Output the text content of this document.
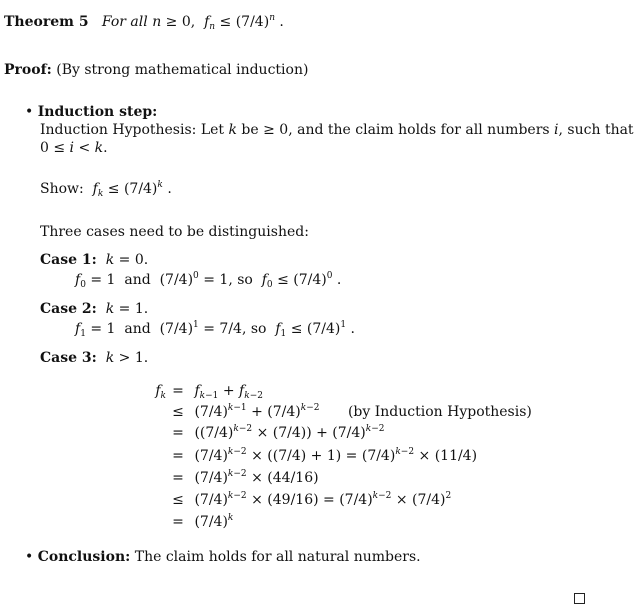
Theorem 5   For all n ≥ 0,  $f_n \le (7/4)^n$ .
Proof: (By strong mathematical induction)
• Induction step:
Induction Hypothesis: Let k be ≥ 0, and the claim holds for all numbers i, such that
0 ≤ i < k.
Show: $f_k \le (7/4)^k$ .
Three cases need to be distinguished:
Case 1: k = 0.
$f_0 = 1$  and  $(7/4)^0 = 1$, so  $f_0 \le (7/4)^0$ .
Case 2: k = 1.
$f_1 = 1$  and  $(7/4)^1 = 7/4$, so  $f_1 \le (7/4)^1$ .
Case 3: k > 1.
$f_k = f_{k-1} + f_{k-2}$
≤ $(7/4)^{k-1} + (7/4)^{k-2}$ (by Induction Hypothesis)
= $((7/4)^{k-2} \times (7/4)) + (7/4)^{k-2}$
= $(7/4)^{k-2} \times ((7/4) + 1) = (7/4)^{k-2} \times (11/4)$
= $(7/4)^{k-2} \times (44/16)$
≤ $(7/4)^{k-2} \times (49/16) = (7/4)^{k-2} \times (7/4)^2$
= $(7/4)^k$
• Conclusion: The claim holds for all natural numbers.
